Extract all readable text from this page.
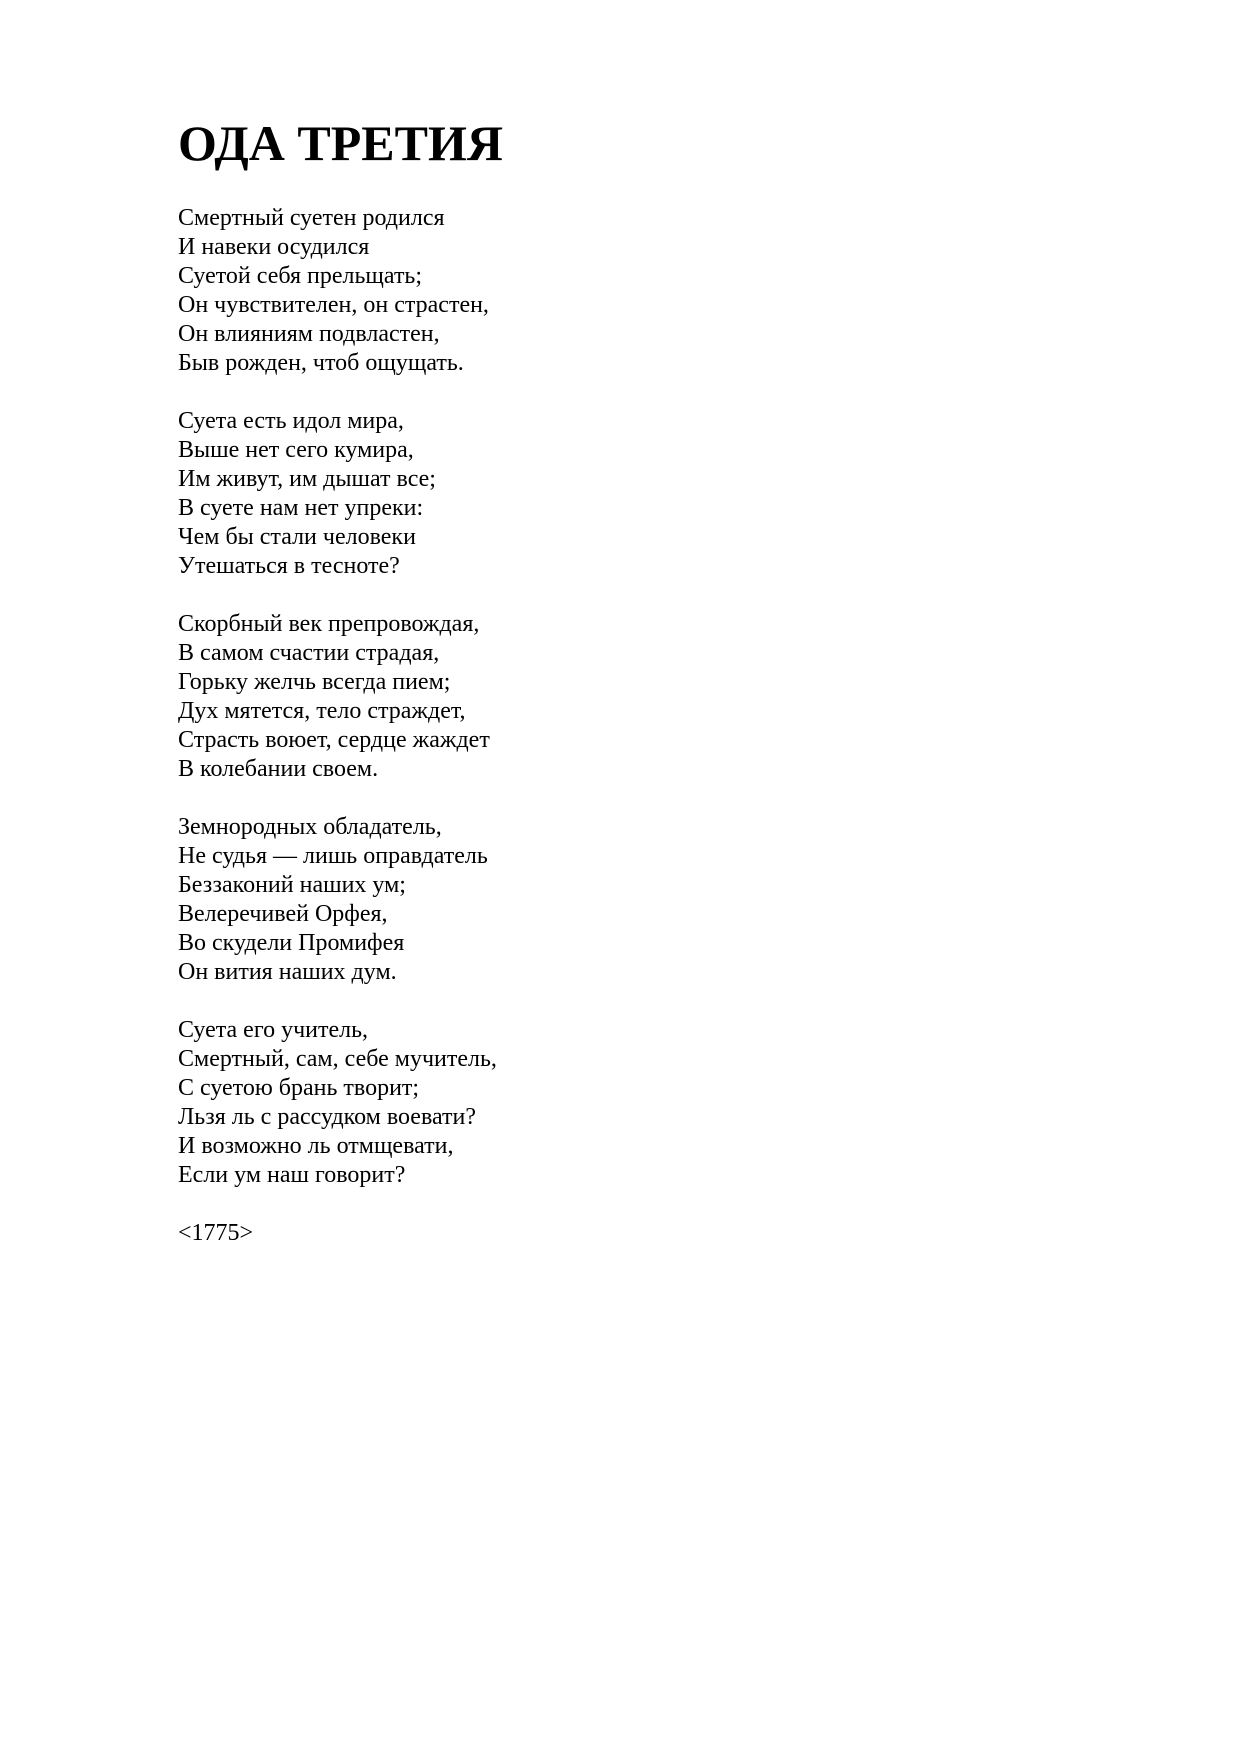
ОДА ТРЕТИЯ
Смертный суетен родился
И навеки осудился
Суетой себя прельщать;
Он чувствителен, он страстен,
Он влияниям подвластен,
Быв рожден, чтоб ощущать.
Суета есть идол мира,
Выше нет сего кумира,
Им живут, им дышат все;
В суете нам нет упреки:
Чем бы стали человеки
Утешаться в тесноте?
Скорбный век препровождая,
В самом счастии страдая,
Горьку желчь всегда пием;
Дух мятется, тело страждет,
Страсть воюет, сердце жаждет
В колебании своем.
Земнородных обладатель,
Не судья — лишь оправдатель
Беззаконий наших ум;
Велеречивей Орфея,
Во скудели Промифея
Он вития наших дум.
Суета его учитель,
Смертный, сам, себе мучитель,
С суетою брань творит;
Льзя ль с рассудком воевати?
И возможно ль отмщевати,
Если ум наш говорит?

<1775>
